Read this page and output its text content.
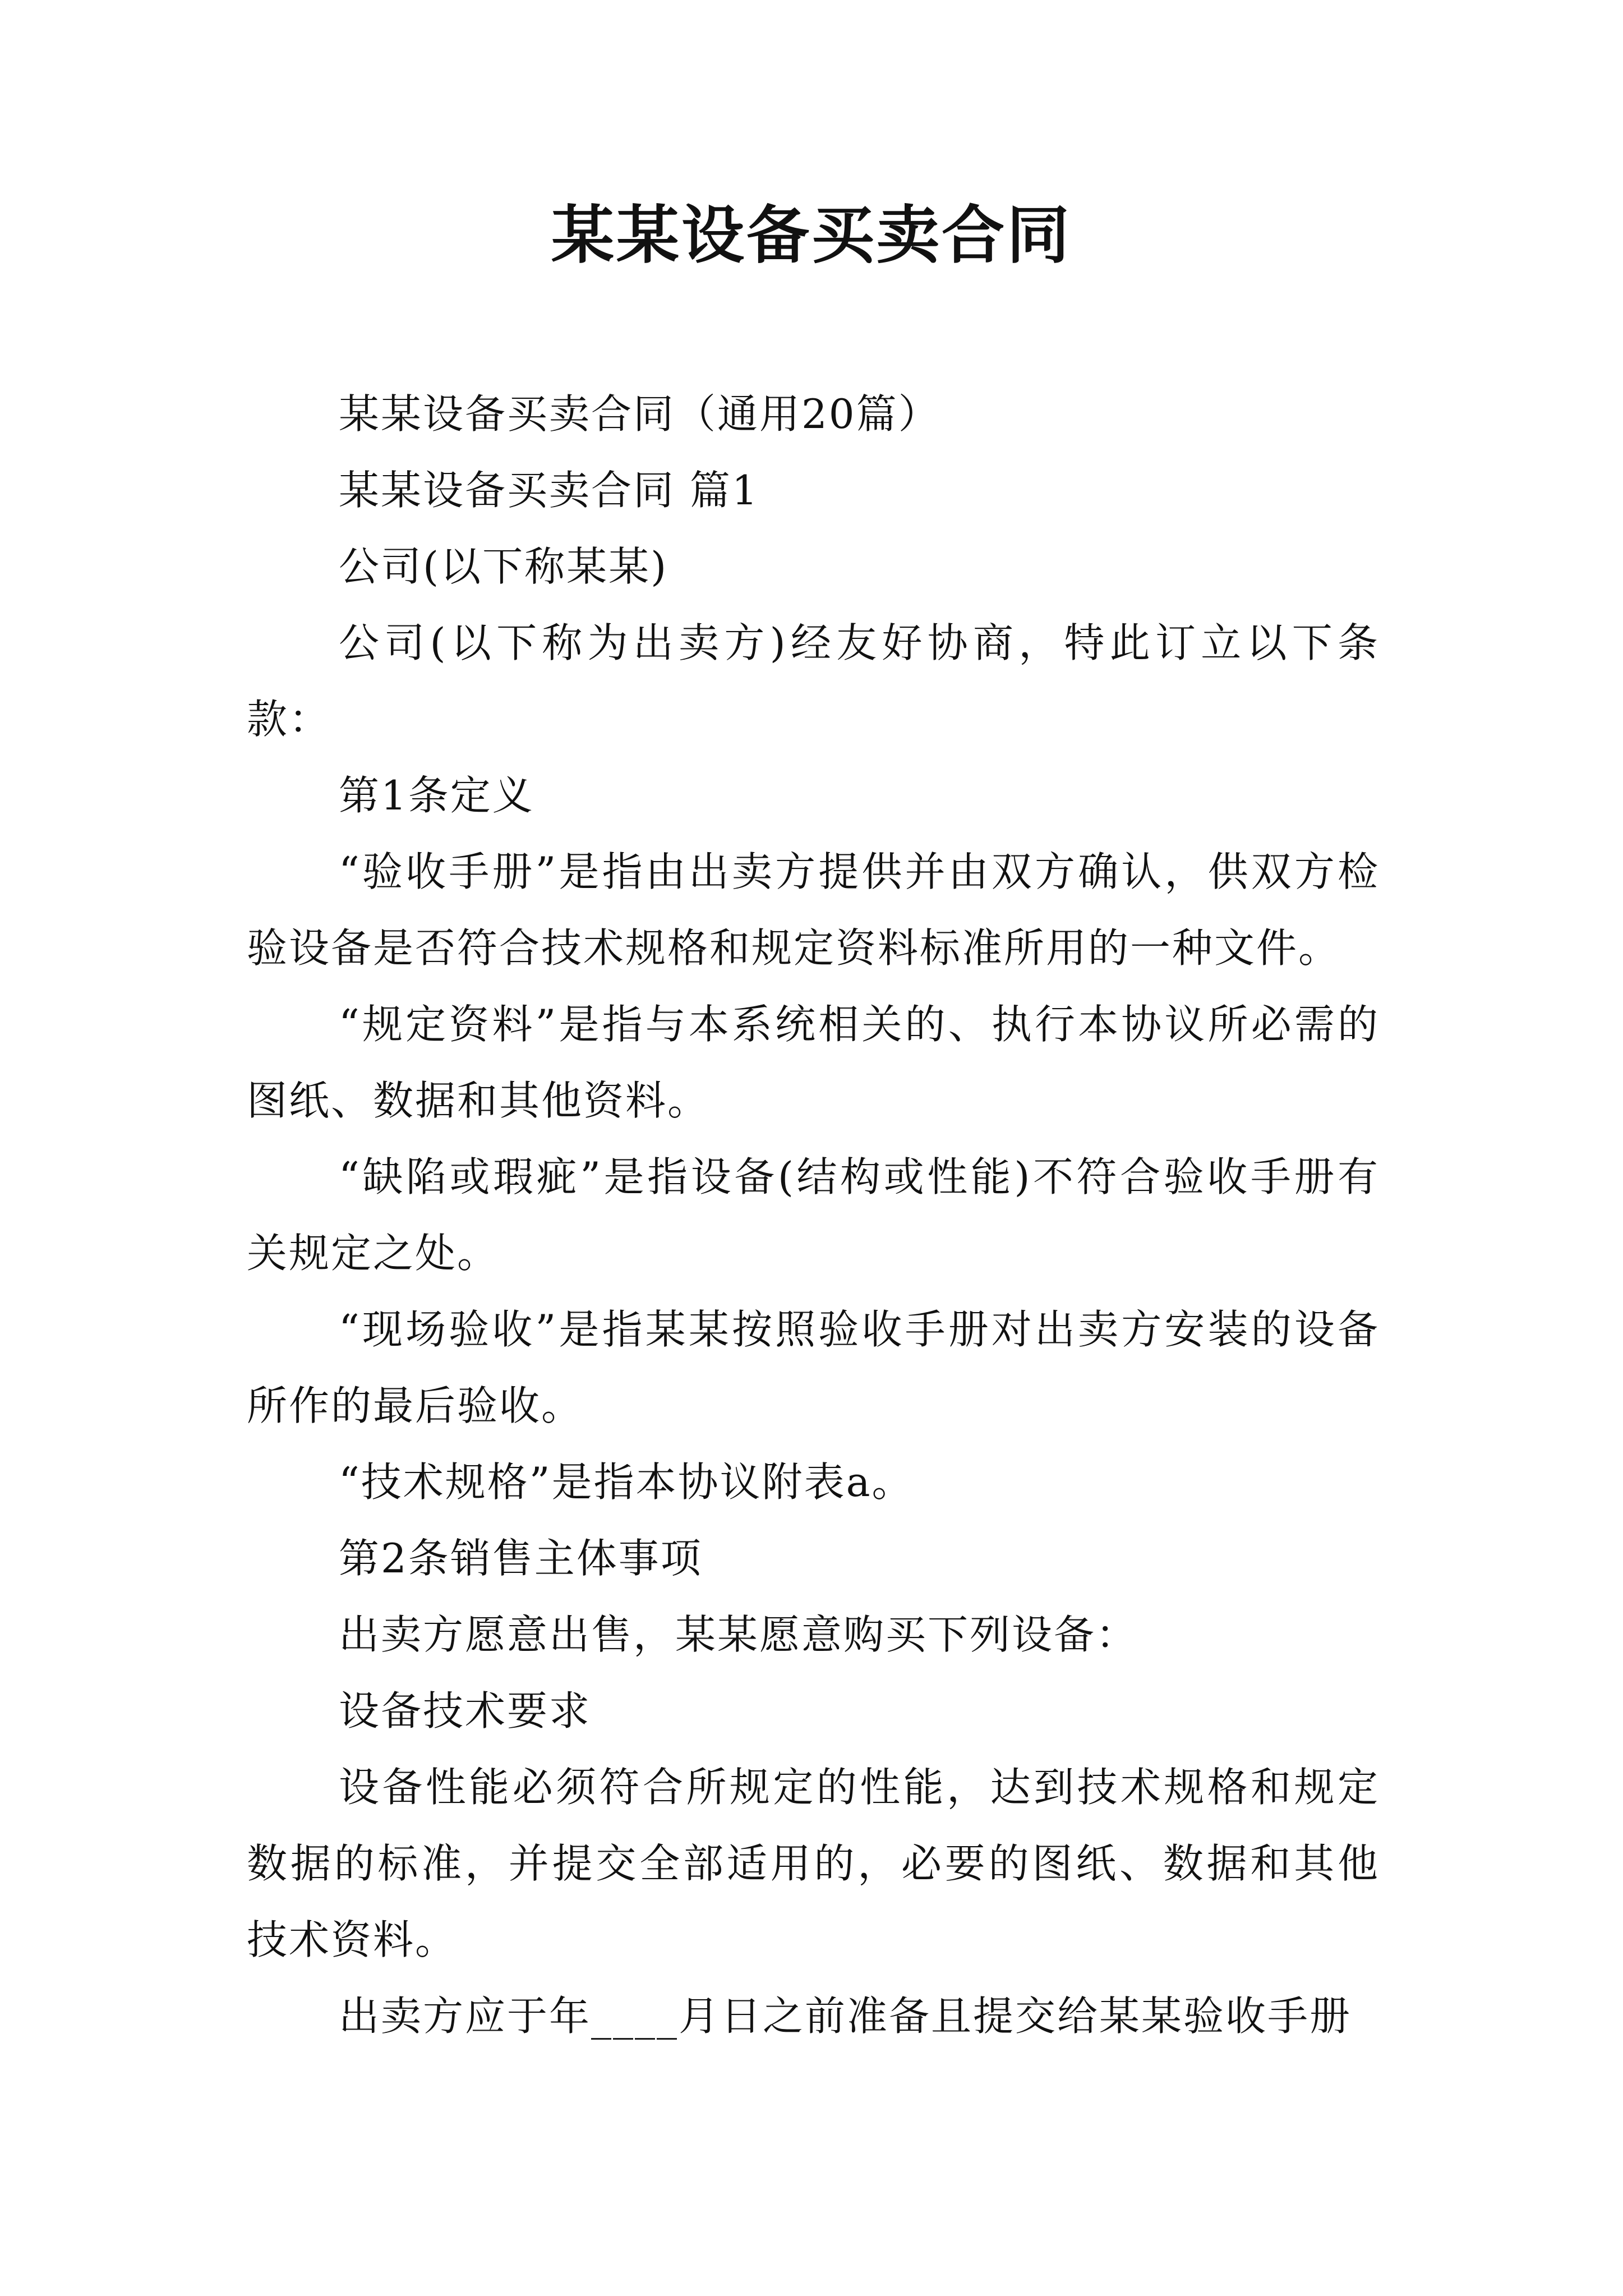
某某设备买卖合同

某某设备买卖合同（通用20篇）

某某设备买卖合同 篇1

公司(以下称某某)

公司(以下称为出卖方)经友好协商，特此订立以下条款：

第1条定义

“验收手册”是指由出卖方提供并由双方确认，供双方检验设备是否符合技术规格和规定资料标准所用的一种文件。

“规定资料”是指与本系统相关的、执行本协议所必需的图纸、数据和其他资料。

“缺陷或瑕疵”是指设备(结构或性能)不符合验收手册有关规定之处。

“现场验收”是指某某按照验收手册对出卖方安装的设备所作的最后验收。

“技术规格”是指本协议附表a。

第2条销售主体事项

出卖方愿意出售，某某愿意购买下列设备：

设备技术要求

设备性能必须符合所规定的性能，达到技术规格和规定数据的标准，并提交全部适用的，必要的图纸、数据和其他技术资料。

出卖方应于年____月日之前准备且提交给某某验收手册
